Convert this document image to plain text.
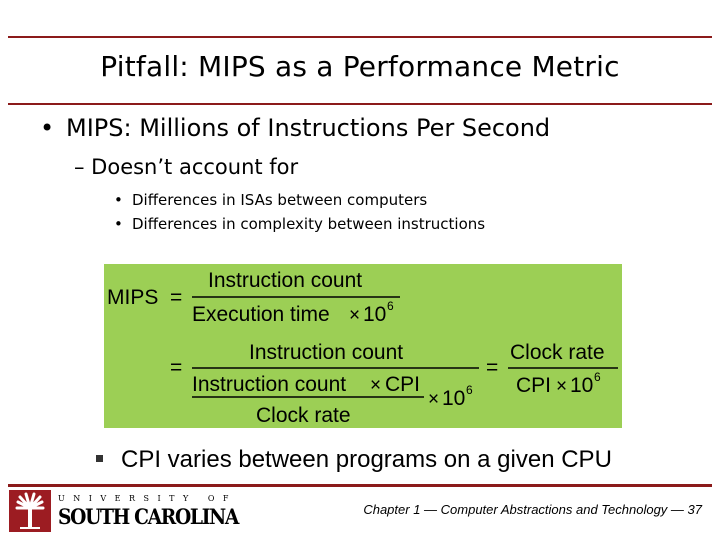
Pitfall: MIPS as a Performance Metric
• MIPS: Millions of Instructions Per Second
– Doesn’t account for
• Differences in ISAs between computers
• Differences in complexity between instructions
MIPS =
Instruction count
Execution time × 10 6
=
Instruction count
Instruction count × CPI
× 10 6
Clock rate
=
Clock rate
CPI × 10 6
CPI varies between programs on a given CPU
UNIVERSITY OF
SOUTH CAROLINA	Chapter 1 — Computer Abstractions and Technology — 37
